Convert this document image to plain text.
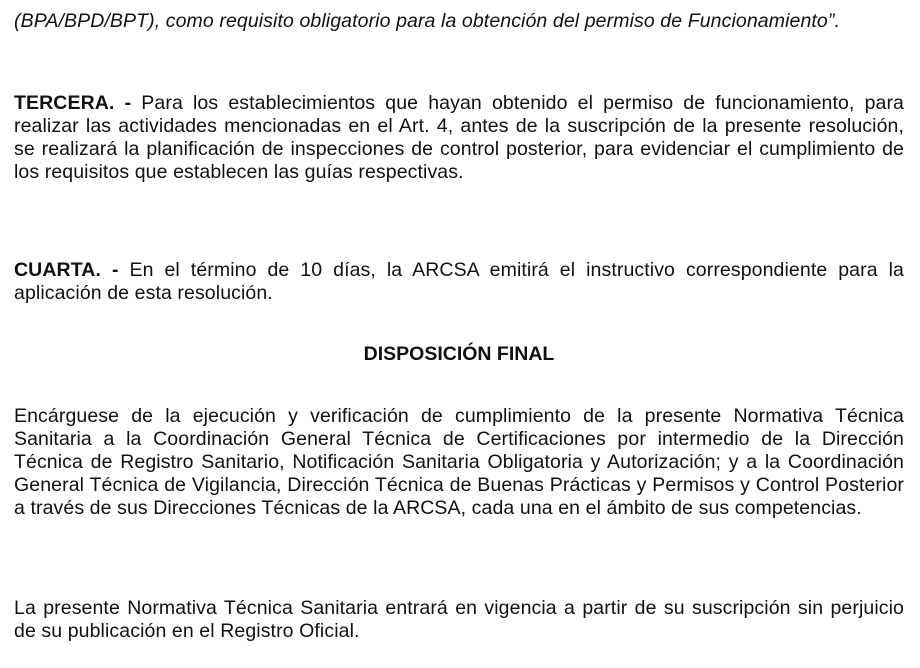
(BPA/BPD/BPT), como requisito obligatorio para la obtención del permiso de Funcionamiento”.

TERCERA. - Para los establecimientos que hayan obtenido el permiso de funcionamiento, para realizar las actividades mencionadas en el Art. 4, antes de la suscripción de la presente resolución, se realizará la planificación de inspecciones de control posterior, para evidenciar el cumplimiento de los requisitos que establecen las guías respectivas.

CUARTA. - En el término de 10 días, la ARCSA emitirá el instructivo correspondiente para la aplicación de esta resolución.

DISPOSICIÓN FINAL

Encárguese de la ejecución y verificación de cumplimiento de la presente Normativa Técnica Sanitaria a la Coordinación General Técnica de Certificaciones por intermedio de la Dirección Técnica de Registro Sanitario, Notificación Sanitaria Obligatoria y Autorización; y a la Coordinación General Técnica de Vigilancia, Dirección Técnica de Buenas Prácticas y Permisos y Control Posterior a través de sus Direcciones Técnicas de la ARCSA, cada una en el ámbito de sus competencias.

La presente Normativa Técnica Sanitaria entrará en vigencia a partir de su suscripción sin perjuicio de su publicación en el Registro Oficial.
